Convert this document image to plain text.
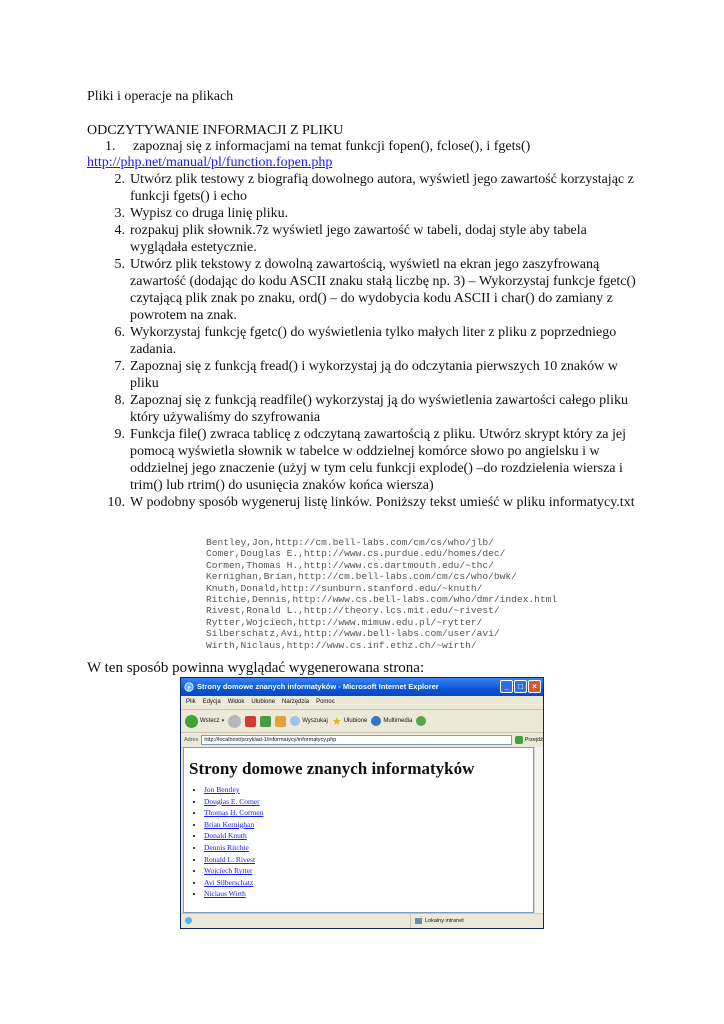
Pliki i operacje na plikach
ODCZYTYWANIE INFORMACJI Z PLIKU
1.     zapoznaj się z informacjami na temat funkcji fopen(), fclose(), i fgets()
http://php.net/manual/pl/function.fopen.php
2. Utwórz plik testowy z biografią dowolnego autora, wyświetl jego zawartość korzystając z funkcji fgets() i echo
3. Wypisz co druga linię pliku.
4. rozpakuj plik słownik.7z wyświetl jego zawartość w tabeli, dodaj style aby tabela wyglądała estetycznie.
5. Utwórz plik tekstowy z dowolną zawartością, wyświetl na ekran jego zaszyfrowaną zawartość (dodając do kodu ASCII znaku stałą liczbę np. 3) – Wykorzystaj funkcje fgetc() czytającą plik znak po znaku, ord() – do wydobycia kodu ASCII i char() do zamiany z powrotem na znak.
6. Wykorzystaj funkcję fgetc() do wyświetlenia tylko małych liter z pliku z poprzedniego zadania.
7. Zapoznaj się z funkcją fread() i wykorzystaj ją do odczytania pierwszych 10 znaków w pliku
8. Zapoznaj się z funkcją readfile() wykorzystaj ją do wyświetlenia zawartości całego pliku który używaliśmy do szyfrowania
9. Funkcja file() zwraca tablicę z odczytaną zawartością z pliku. Utwórz skrypt który za jej pomocą wyświetla słownik w tabelce w oddzielnej komórce słowo po angielsku i w oddzielnej jego znaczenie (użyj w tym celu funkcji explode() –do rozdzielenia wiersza i trim() lub rtrim() do usunięcia znaków końca wiersza)
10. W podobny sposób wygeneruj listę linków. Poniższy tekst umieść w pliku informatycy.txt
Bentley,Jon,http://cm.bell-labs.com/cm/cs/who/jlb/
Comer,Douglas E.,http://www.cs.purdue.edu/homes/dec/
Cormen,Thomas H.,http://www.cs.dartmouth.edu/~thc/
Kernighan,Brian,http://cm.bell-labs.com/cm/cs/who/bwk/
Knuth,Donald,http://sunburn.stanford.edu/~knuth/
Ritchie,Dennis,http://www.cs.bell-labs.com/who/dmr/index.html
Rivest,Ronald L.,http://theory.lcs.mit.edu/~rivest/
Rytter,Wojciech,http://www.mimuw.edu.pl/~rytter/
Silberschatz,Avi,http://www.bell-labs.com/user/avi/
Wirth,Niclaus,http://www.cs.inf.ethz.ch/~wirth/
W ten sposób powinna wyglądać wygenerowana strona:
e Strony domowe znanych informatyków - Microsoft Internet Explorer	_	□	×
Plik Edycja Widok Ulubione Narzędzia Pomoc
Wstecz ▾	Wyszukaj ★ Ulubione	Multimedia
Adres	http://localhost/przyklad-1/informatycy/informatycy.php	Przejdź
Strony domowe znanych informatyków
• Jon Bentley
• Douglas E. Comer
• Thomas H. Cormen
• Brian Kernighan
• Donald Knuth
• Dennis Ritchie
• Ronald L. Rivest
• Wojciech Rytter
• Avi Silberschatz
• Niclaus Wirth
Lokalny intranet
